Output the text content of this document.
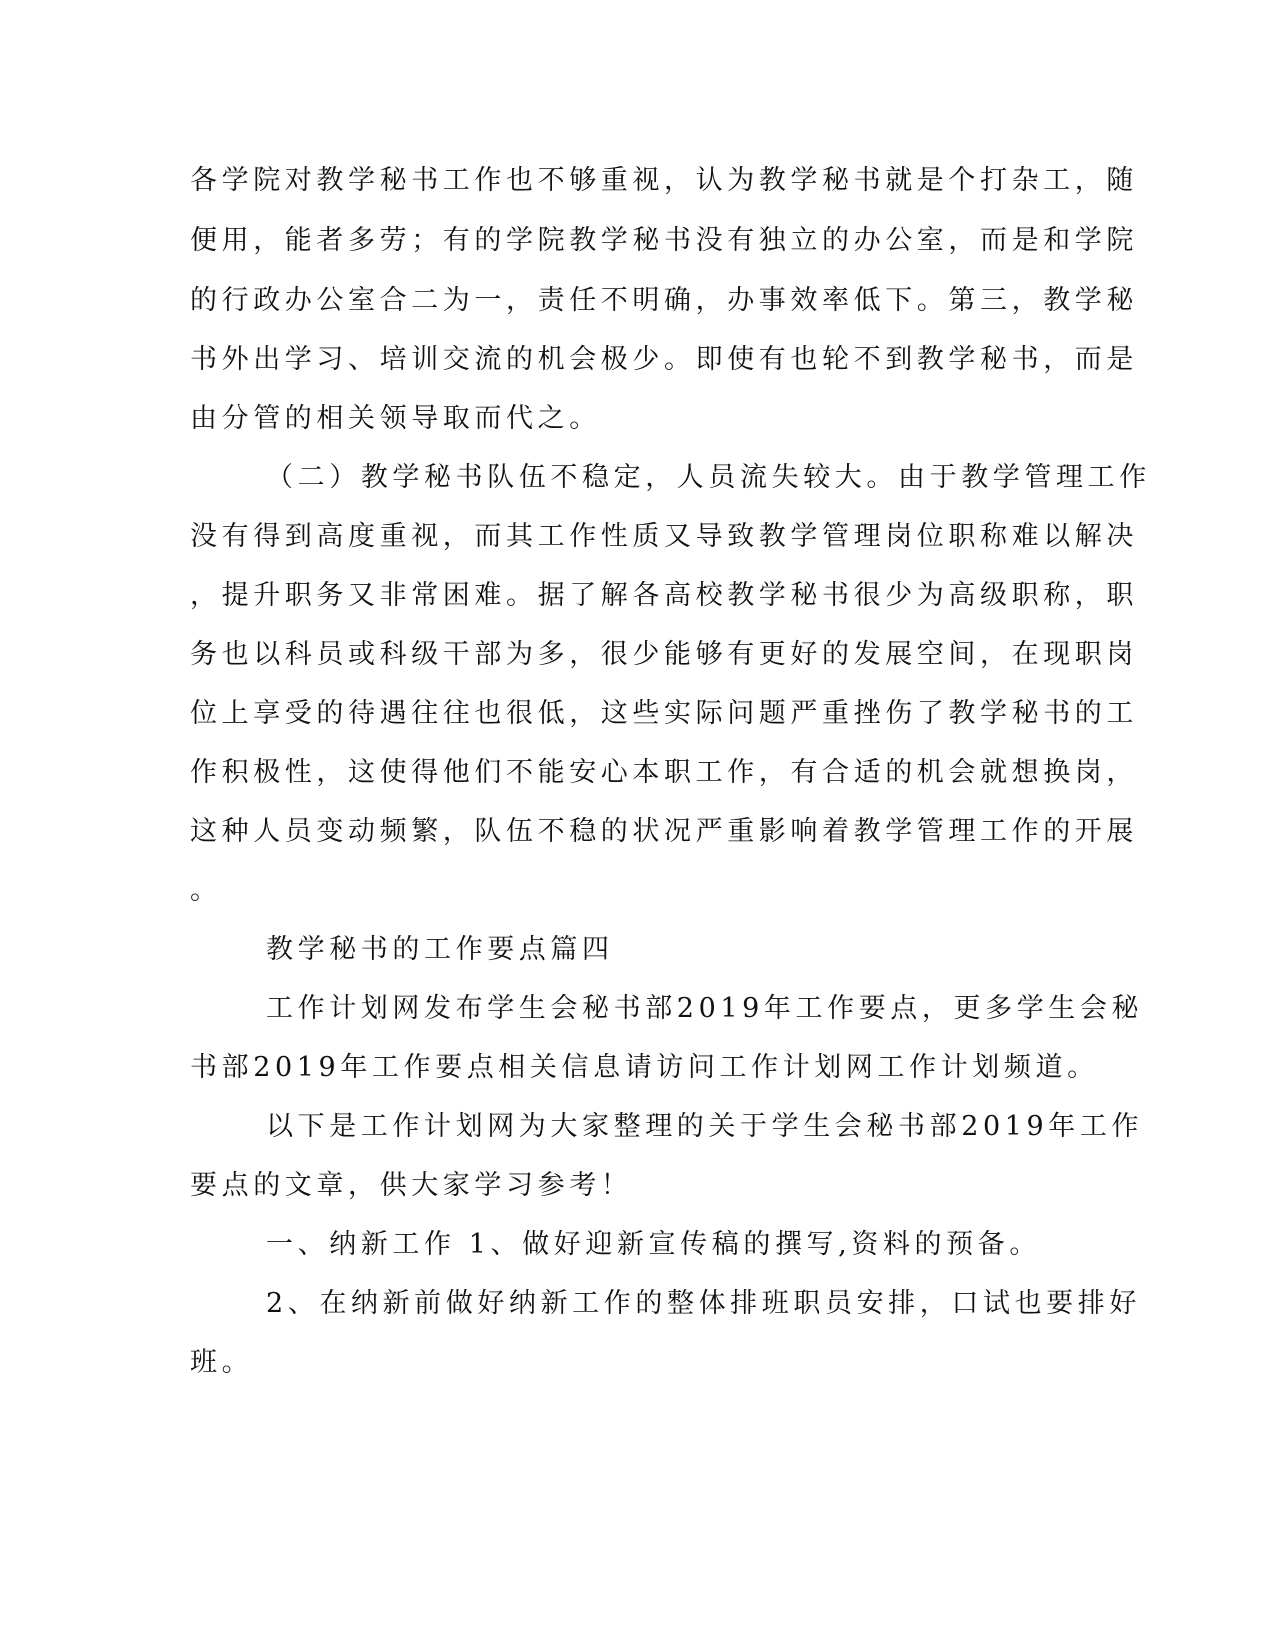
各学院对教学秘书工作也不够重视，认为教学秘书就是个打杂工，随

便用，能者多劳；有的学院教学秘书没有独立的办公室，而是和学院

的行政办公室合二为一，责任不明确，办事效率低下。第三，教学秘

书外出学习、培训交流的机会极少。即使有也轮不到教学秘书，而是

由分管的相关领导取而代之。

（二）教学秘书队伍不稳定，人员流失较大。由于教学管理工作

没有得到高度重视，而其工作性质又导致教学管理岗位职称难以解决

，提升职务又非常困难。据了解各高校教学秘书很少为高级职称，职

务也以科员或科级干部为多，很少能够有更好的发展空间，在现职岗

位上享受的待遇往往也很低，这些实际问题严重挫伤了教学秘书的工

作积极性，这使得他们不能安心本职工作，有合适的机会就想换岗，

这种人员变动频繁，队伍不稳的状况严重影响着教学管理工作的开展

。

教学秘书的工作要点篇四

工作计划网发布学生会秘书部2019年工作要点，更多学生会秘

书部2019年工作要点相关信息请访问工作计划网工作计划频道。

以下是工作计划网为大家整理的关于学生会秘书部2019年工作

要点的文章，供大家学习参考！

一、纳新工作 1、做好迎新宣传稿的撰写,资料的预备。

2、在纳新前做好纳新工作的整体排班职员安排，口试也要排好

班。
